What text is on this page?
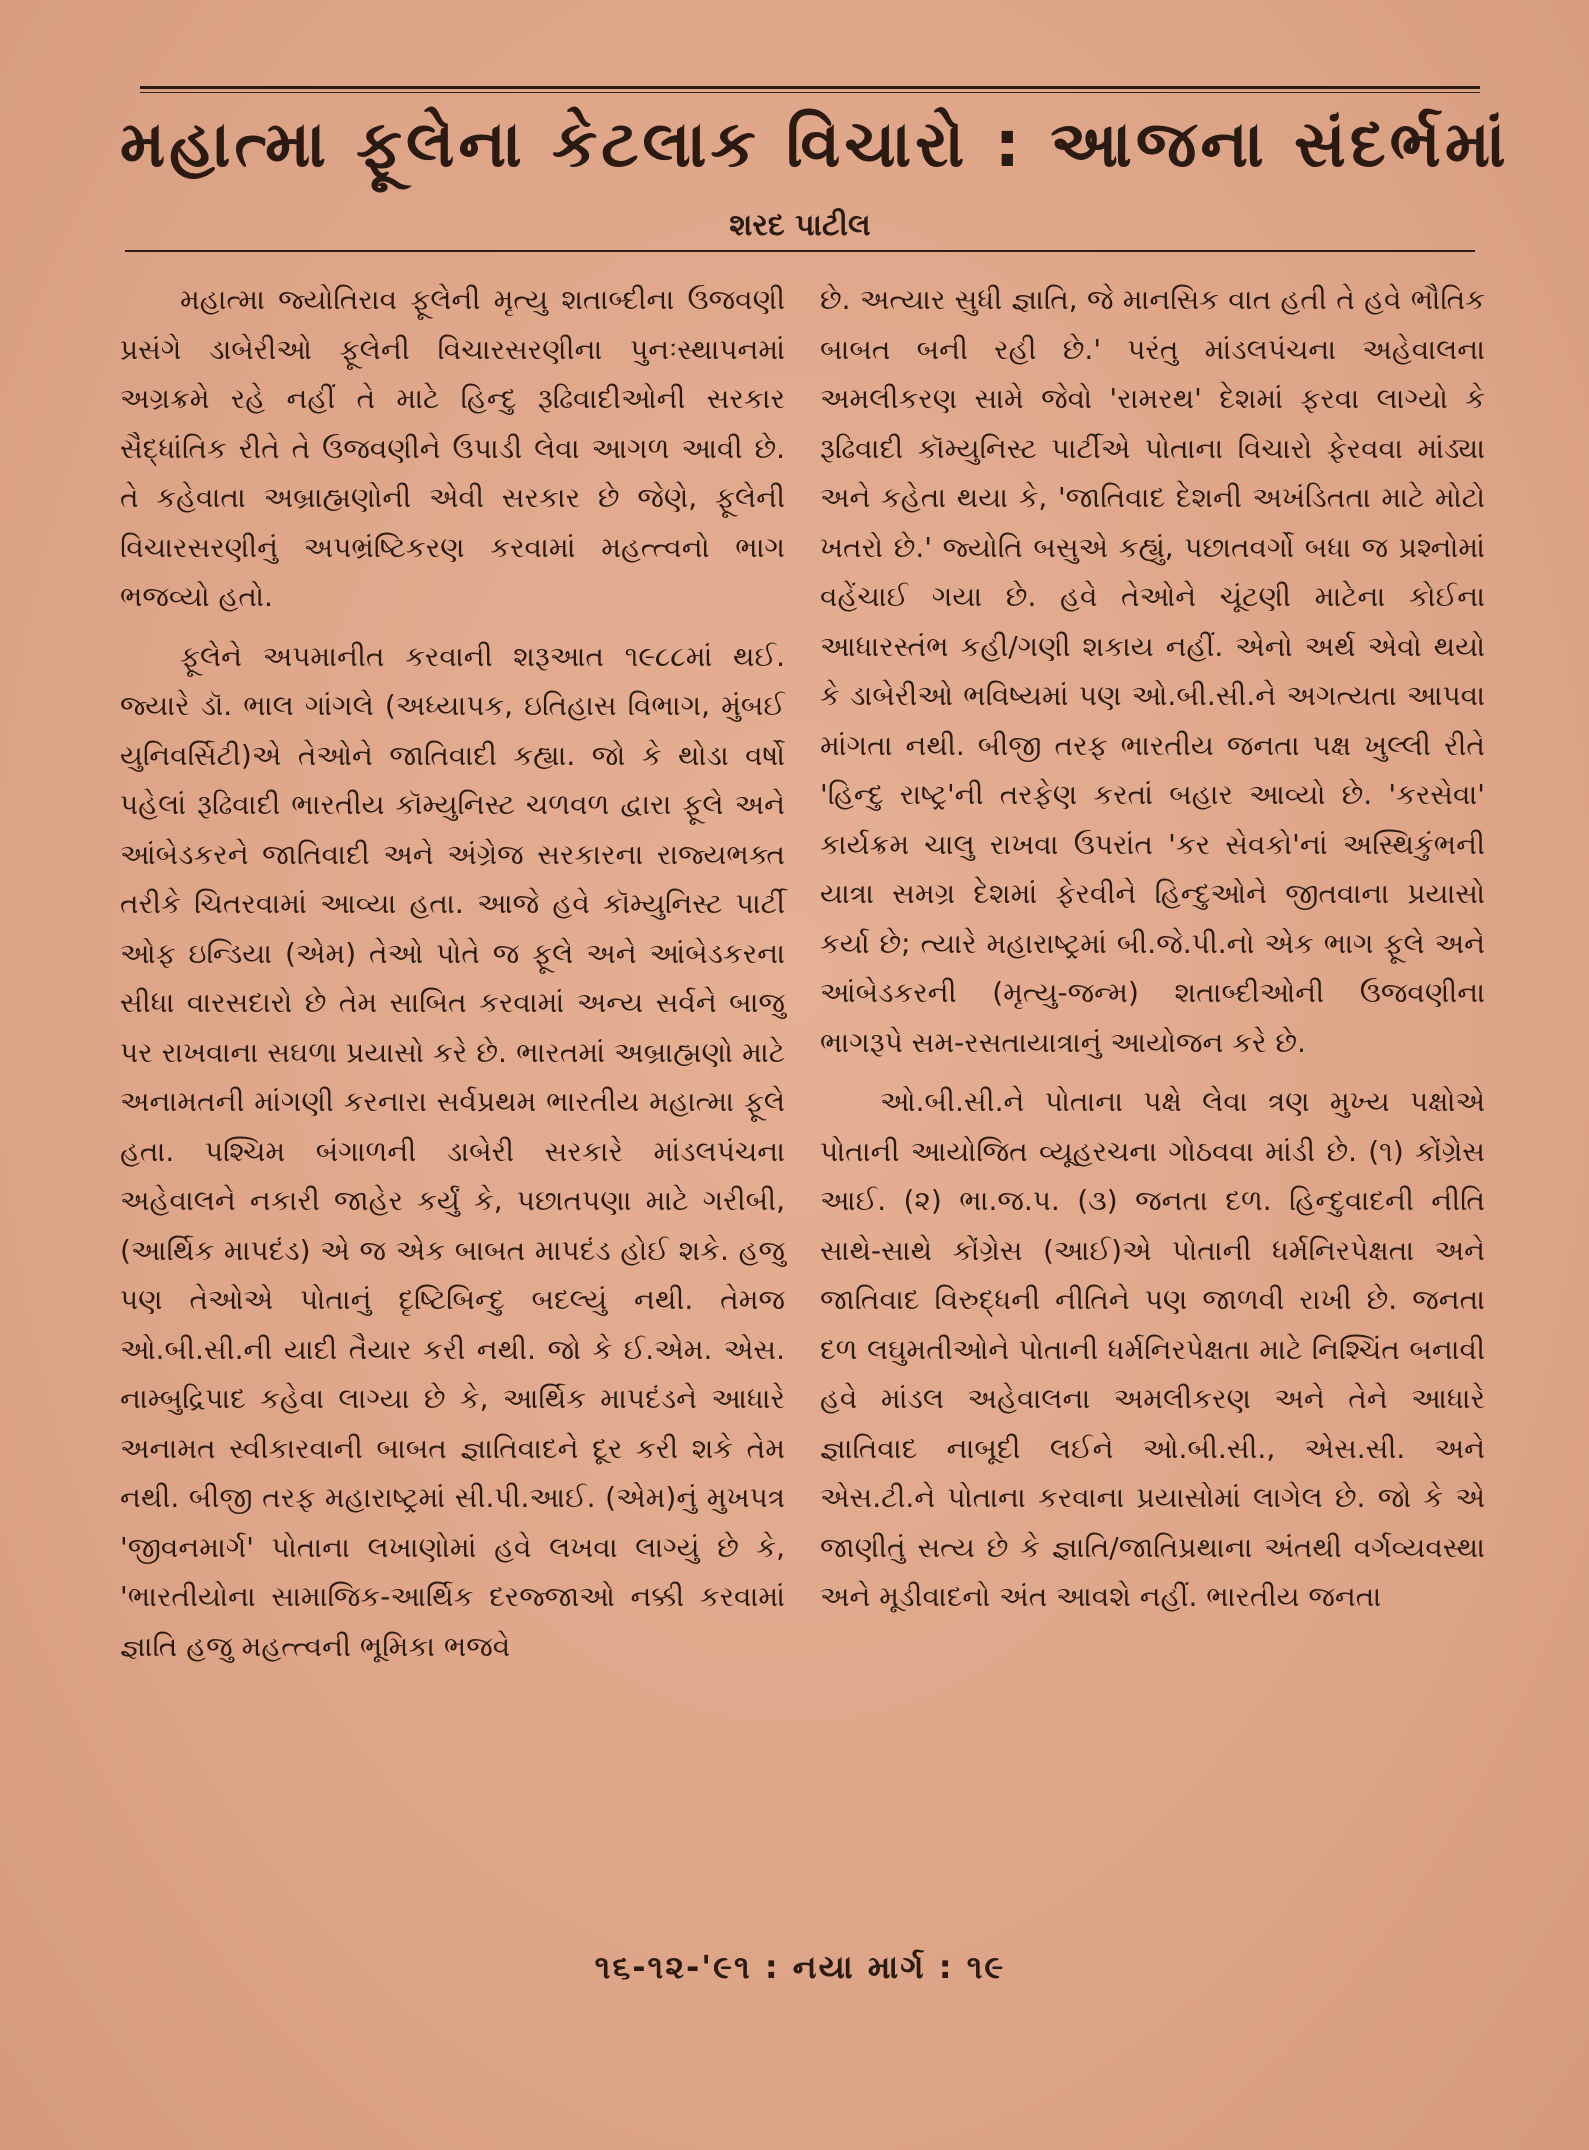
મહાત્મા ફૂલેના કેટલાક વિચારો : આજના સંદર્ભમાં
શરદ પાટીલ

મહાત્મા જ્યોતિરાવ ફૂલેની મૃત્યુ શતાબ્દીના ઉજવણી પ્રસંગે ડાબેરીઓ ફૂલેની વિચારસરણીના પુનઃસ્થાપનમાં અગ્રક્રમે રહે નહીં તે માટે હિન્દુ રૂઢિવાદીઓની સરકાર સૈદ્ધાંતિક રીતે તે ઉજવણીને ઉપાડી લેવા આગળ આવી છે. તે કહેવાતા અબ્રાહ્મણોની એવી સરકાર છે જેણે, ફૂલેની વિચારસરણીનું અપભ્રંષ્ટિકરણ કરવામાં મહત્ત્વનો ભાગ ભજવ્યો હતો.

ફૂલેને અપમાનીત કરવાની શરૂઆત ૧૯૮૮માં થઈ. જ્યારે ડૉ. ભાલ ગાંગલે (અધ્યાપક, ઇતિહાસ વિભાગ, મુંબઈ યુનિવર્સિટી)એ તેઓને જાતિવાદી કહ્યા. જો કે થોડા વર્ષો પહેલાં રૂઢિવાદી ભારતીય કૉમ્યુનિસ્ટ ચળવળ દ્વારા ફૂલે અને આંબેડકરને જાતિવાદી અને અંગ્રેજ સરકારના રાજ્યભક્ત તરીકે ચિતરવામાં આવ્યા હતા. આજે હવે કૉમ્યુનિસ્ટ પાર્ટી ઓફ ઇન્ડિયા (એમ) તેઓ પોતે જ ફૂલે અને આંબેડકરના સીધા વારસદારો છે તેમ સાબિત કરવામાં અન્ય સર્વને બાજુ પર રાખવાના સઘળા પ્રયાસો કરે છે. ભારતમાં અબ્રાહ્મણો માટે અનામતની માંગણી કરનારા સર્વપ્રથમ ભારતીય મહાત્મા ફૂલે હતા. પશ્ચિમ બંગાળની ડાબેરી સરકારે માંડલપંચના અહેવાલને નકારી જાહેર કર્યું કે, પછાતપણા માટે ગરીબી, (આર્થિક માપદંડ) એ જ એક બાબત માપદંડ હોઈ શકે. હજુ પણ તેઓએ પોતાનું દૃષ્ટિબિન્દુ બદલ્યું નથી. તેમજ ઓ.બી.સી.ની યાદી તૈયાર કરી નથી. જો કે ઈ.એમ. એસ. નામ્બુદ્રિપાદ કહેવા લાગ્યા છે કે, આર્થિક માપદંડને આધારે અનામત સ્વીકારવાની બાબત જ્ઞાતિવાદને દૂર કરી શકે તેમ નથી. બીજી તરફ મહારાષ્ટ્રમાં સી.પી.આઈ. (એમ)નું મુખપત્ર 'જીવનમાર્ગ' પોતાના લખાણોમાં હવે લખવા લાગ્યું છે કે, 'ભારતીયોના સામાજિક-આર્થિક દરજ્જાઓ નક્કી કરવામાં જ્ઞાતિ હજુ મહત્ત્વની ભૂમિકા ભજવે

છે. અત્યાર સુધી જ્ઞાતિ, જે માનસિક વાત હતી તે હવે ભૌતિક બાબત બની રહી છે.' પરંતુ માંડલપંચના અહેવાલના અમલીકરણ સામે જેવો 'રામરથ' દેશમાં ફરવા લાગ્યો કે રૂઢિવાદી કૉમ્યુનિસ્ટ પાર્ટીએ પોતાના વિચારો ફેરવવા માંડ્યા અને કહેતા થયા કે, 'જાતિવાદ દેશની અખંડિતતા માટે મોટો ખતરો છે.' જ્યોતિ બસુએ કહ્યું, પછાતવર્ગો બધા જ પ્રશ્નોમાં વહેંચાઈ ગયા છે. હવે તેઓને ચૂંટણી માટેના કોઈના આધારસ્તંભ કહી/ગણી શકાય નહીં. એનો અર્થ એવો થયો કે ડાબેરીઓ ભવિષ્યમાં પણ ઓ.બી.સી.ને અગત્યતા આપવા માંગતા નથી. બીજી તરફ ભારતીય જનતા પક્ષ ખુલ્લી રીતે 'હિન્દુ રાષ્ટ્ર'ની તરફેણ કરતાં બહાર આવ્યો છે. 'કરસેવા' કાર્યક્રમ ચાલુ રાખવા ઉપરાંત 'કર સેવકો'નાં અસ્થિકુંભની યાત્રા સમગ્ર દેશમાં ફેરવીને હિન્દુઓને જીતવાના પ્રયાસો કર્યા છે; ત્યારે મહારાષ્ટ્રમાં બી.જે.પી.નો એક ભાગ ફૂલે અને આંબેડકરની (મૃત્યુ-જન્મ) શતાબ્દીઓની ઉજવણીના ભાગરૂપે સમ-રસતાયાત્રાનું આયોજન કરે છે.

ઓ.બી.સી.ને પોતાના પક્ષે લેવા ત્રણ મુખ્ય પક્ષોએ પોતાની આયોજિત વ્યૂહરચના ગોઠવવા માંડી છે. (૧) કોંગ્રેસ આઈ. (૨) ભા.જ.પ. (૩) જનતા દળ. હિન્દુવાદની નીતિ સાથે-સાથે કોંગ્રેસ (આઈ)એ પોતાની ધર્મનિરપેક્ષતા અને જાતિવાદ વિરુદ્ધની નીતિને પણ જાળવી રાખી છે. જનતા દળ લઘુમતીઓને પોતાની ધર્મનિરપેક્ષતા માટે નિશ્ચિંત બનાવી હવે માંડલ અહેવાલના અમલીકરણ અને તેને આધારે જ્ઞાતિવાદ નાબૂદી લઈને ઓ.બી.સી., એસ.સી. અને એસ.ટી.ને પોતાના કરવાના પ્રયાસોમાં લાગેલ છે. જો કે એ જાણીતું સત્ય છે કે જ્ઞાતિ/જાતિપ્રથાના અંતથી વર્ગવ્યવસ્થા અને મૂડીવાદનો અંત આવશે નહીં. ભારતીય જનતા

૧૬-૧૨-'૯૧ : નયા માર્ગ : ૧૯
